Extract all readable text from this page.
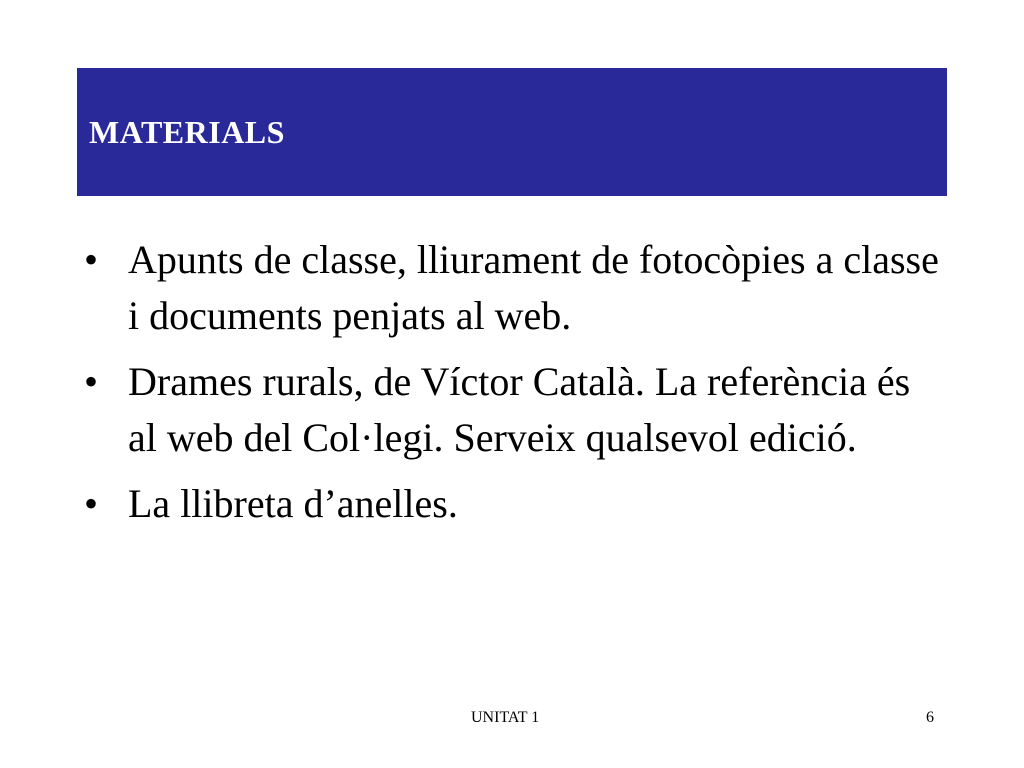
MATERIALS
• Apunts de classe, lliurament de fotocòpies a classe i documents penjats al web.
• Drames rurals, de Víctor Català. La referència és al web del Col·legi. Serveix qualsevol edició.
• La llibreta d’anelles.
UNITAT 1	6
